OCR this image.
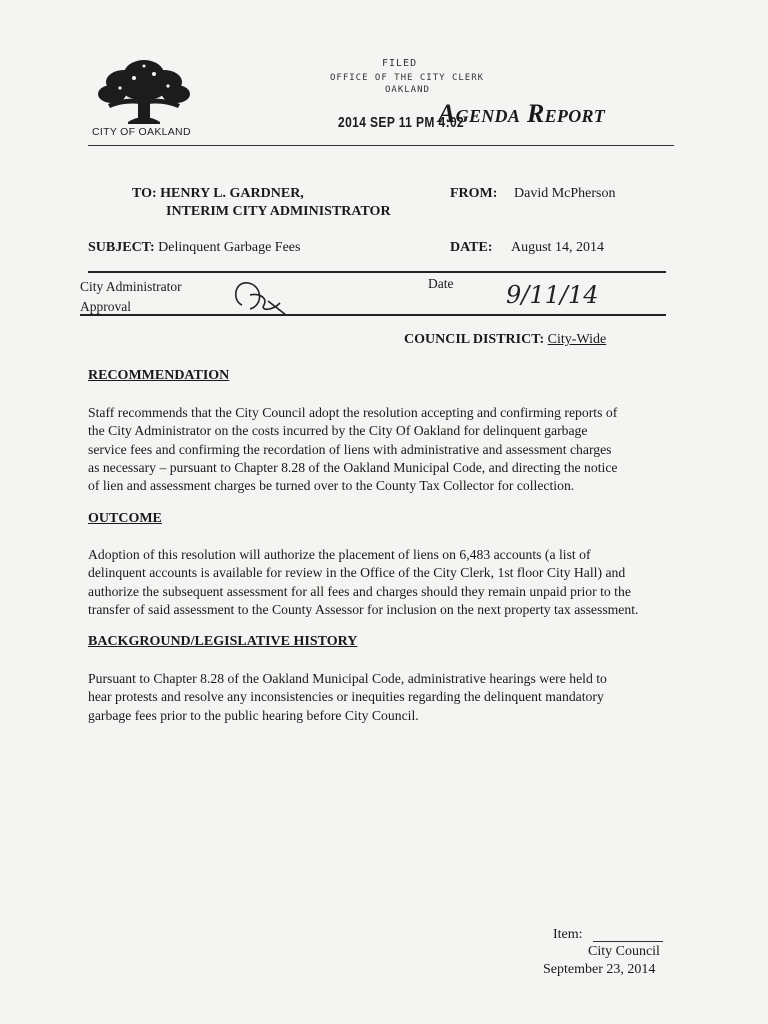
CITY OF OAKLAND
FILED
OFFICE OF THE CITY CLERK
OAKLAND
2014 SEP 11 PM 4:02
Agenda Report
TO: HENRY L. GARDNER,
INTERIM CITY ADMINISTRATOR
FROM: David McPherson
SUBJECT: Delinquent Garbage Fees	DATE: August 14, 2014
City Administrator
Approval
Date 9/11/14
COUNCIL DISTRICT: City-Wide
RECOMMENDATION
Staff recommends that the City Council adopt the resolution accepting and confirming reports of
the City Administrator on the costs incurred by the City Of Oakland for delinquent garbage
service fees and confirming the recordation of liens with administrative and assessment charges
as necessary – pursuant to Chapter 8.28 of the Oakland Municipal Code, and directing the notice
of lien and assessment charges be turned over to the County Tax Collector for collection.
OUTCOME
Adoption of this resolution will authorize the placement of liens on 6,483 accounts (a list of
delinquent accounts is available for review in the Office of the City Clerk, 1st floor City Hall) and
authorize the subsequent assessment for all fees and charges should they remain unpaid prior to the
transfer of said assessment to the County Assessor for inclusion on the next property tax assessment.
BACKGROUND/LEGISLATIVE HISTORY
Pursuant to Chapter 8.28 of the Oakland Municipal Code, administrative hearings were held to
hear protests and resolve any inconsistencies or inequities regarding the delinquent mandatory
garbage fees prior to the public hearing before City Council.
Item:
City Council
September 23, 2014
